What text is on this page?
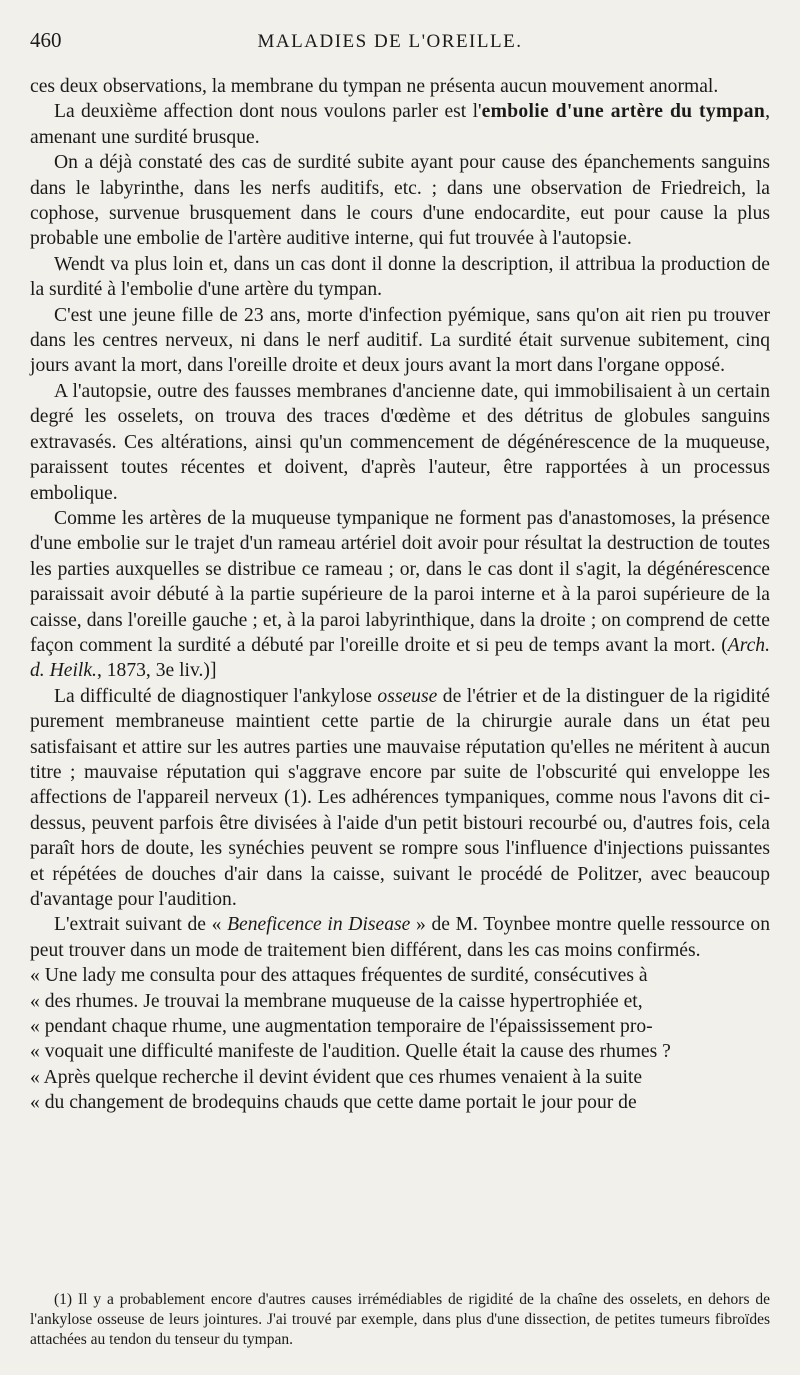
460	MALADIES DE L'OREILLE.

ces deux observations, la membrane du tympan ne présenta aucun mouvement anormal.

La deuxième affection dont nous voulons parler est l'embolie d'une artère du tympan, amenant une surdité brusque.

On a déjà constaté des cas de surdité subite ayant pour cause des épanchements sanguins dans le labyrinthe, dans les nerfs auditifs, etc. ; dans une observation de Friedreich, la cophose, survenue brusquement dans le cours d'une endocardite, eut pour cause la plus probable une embolie de l'artère auditive interne, qui fut trouvée à l'autopsie.

Wendt va plus loin et, dans un cas dont il donne la description, il attribua la production de la surdité à l'embolie d'une artère du tympan.

C'est une jeune fille de 23 ans, morte d'infection pyémique, sans qu'on ait rien pu trouver dans les centres nerveux, ni dans le nerf auditif. La surdité était survenue subitement, cinq jours avant la mort, dans l'oreille droite et deux jours avant la mort dans l'organe opposé.

A l'autopsie, outre des fausses membranes d'ancienne date, qui immobilisaient à un certain degré les osselets, on trouva des traces d'œdème et des détritus de globules sanguins extravasés. Ces altérations, ainsi qu'un commencement de dégénérescence de la muqueuse, paraissent toutes récentes et doivent, d'après l'auteur, être rapportées à un processus embolique.

Comme les artères de la muqueuse tympanique ne forment pas d'anastomoses, la présence d'une embolie sur le trajet d'un rameau artériel doit avoir pour résultat la destruction de toutes les parties auxquelles se distribue ce rameau ; or, dans le cas dont il s'agit, la dégénérescence paraissait avoir débuté à la partie supérieure de la paroi interne et à la paroi supérieure de la caisse, dans l'oreille gauche ; et, à la paroi labyrinthique, dans la droite ; on comprend de cette façon comment la surdité a débuté par l'oreille droite et si peu de temps avant la mort. (Arch. d. Heilk., 1873, 3e liv.)]

La difficulté de diagnostiquer l'ankylose osseuse de l'étrier et de la distinguer de la rigidité purement membraneuse maintient cette partie de la chirurgie aurale dans un état peu satisfaisant et attire sur les autres parties une mauvaise réputation qu'elles ne méritent à aucun titre ; mauvaise réputation qui s'aggrave encore par suite de l'obscurité qui enveloppe les affections de l'appareil nerveux (1). Les adhérences tympaniques, comme nous l'avons dit ci-dessus, peuvent parfois être divisées à l'aide d'un petit bistouri recourbé ou, d'autres fois, cela paraît hors de doute, les synéchies peuvent se rompre sous l'influence d'injections puissantes et répétées de douches d'air dans la caisse, suivant le procédé de Politzer, avec beaucoup d'avantage pour l'audition.

L'extrait suivant de « Beneficence in Disease » de M. Toynbee montre quelle ressource on peut trouver dans un mode de traitement bien différent, dans les cas moins confirmés.

« Une lady me consulta pour des attaques fréquentes de surdité, consécutives à

« des rhumes. Je trouvai la membrane muqueuse de la caisse hypertrophiée et,

« pendant chaque rhume, une augmentation temporaire de l'épaississement pro-

« voquait une difficulté manifeste de l'audition. Quelle était la cause des rhumes ?

« Après quelque recherche il devint évident que ces rhumes venaient à la suite

« du changement de brodequins chauds que cette dame portait le jour pour de

(1) Il y a probablement encore d'autres causes irrémédiables de rigidité de la chaîne des osselets, en dehors de l'ankylose osseuse de leurs jointures. J'ai trouvé par exemple, dans plus d'une dissection, de petites tumeurs fibroïdes attachées au tendon du tenseur du tympan.
